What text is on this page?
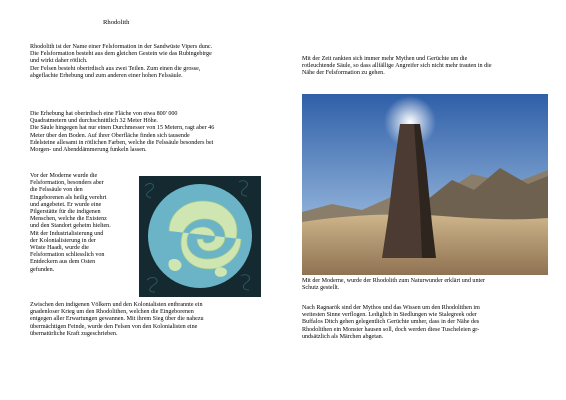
Rhodolith

Rhodolith ist der Name einer Felsformation in der Sandwüste Vipers dunc.

Die Felsformation besteht aus dem gleichen Gestein wie das Rubingebirge

und wirkt daher rötlich.

Der Felsen besteht oberirdisch aus zwei Teilen. Zum einen die grosse,

abgeflachte Erhebung und zum anderen einer hohen Felssäule.

Die Erhebung hat oberirdisch eine Fläche von etwa 800' 000

Quadratmetern und durchschnittlich 32 Meter Höhe.

Die Säule hingegen hat nur einen Durchmesser von 15 Metern, ragt aber 46

Meter über den Boden. Auf ihrer Oberfläche finden sich tausende

Edelsteine allesamt in rötlichen Farben, welche die Felssäule besonders bei

Morgen- und Abenddämmerung funkeln lassen.

Vor der Moderne wurde die

Felsformation, besonders aber

die Felssäule von den

Eingeborenen als heilig verehrt

und angebetet. Er wurde eine

Pilgerstätte für die indigenen

Menschen, welche die Existenz

und den Standort geheim hielten.

Mit der Industrialisierung und

der Kolonialisierung in der

Wüste Haadi, wurde die

Felsformation schliesslich von

Entdeckern aus dem Osten

gefunden.

Zwischen den indigenen Völkern und den Kolonialisten entbrannte ein

gnadenloser Krieg um den Rhodolithen, welchen die Eingeborenen

entgegen aller Erwartungen gewannen. Mit ihrem Sieg über die nahezu

übermächtigen Feinde, wurde den Felsen von den Kolonialisten eine

übernatürliche Kraft zugeschrieben.

Mit der Zeit rankten sich immer mehr Mythen und Gerüchte um die

rotleuchtende Säule, so dass allfällige Angreifer sich nicht mehr trauten in die

Nähe der Felsformation zu gehen.

Mit der Moderne, wurde der Rhodolith zum Naturwunder erklärt und unter

Schutz gestellt.

Nach Ragnarök sind der Mythos und das Wissen um den Rhodolithen im

weitesten Sinne verflogen. Lediglich in Siedlungen wie Stalegreek oder

Buffalos Ditch gehen gelegentlich Gerüchte umher, dass in der Nähe des

Rhodolithen ein Monster hausen soll, doch werden diese Tuscheleien gr-

undsätzlich als Märchen abgetan.
